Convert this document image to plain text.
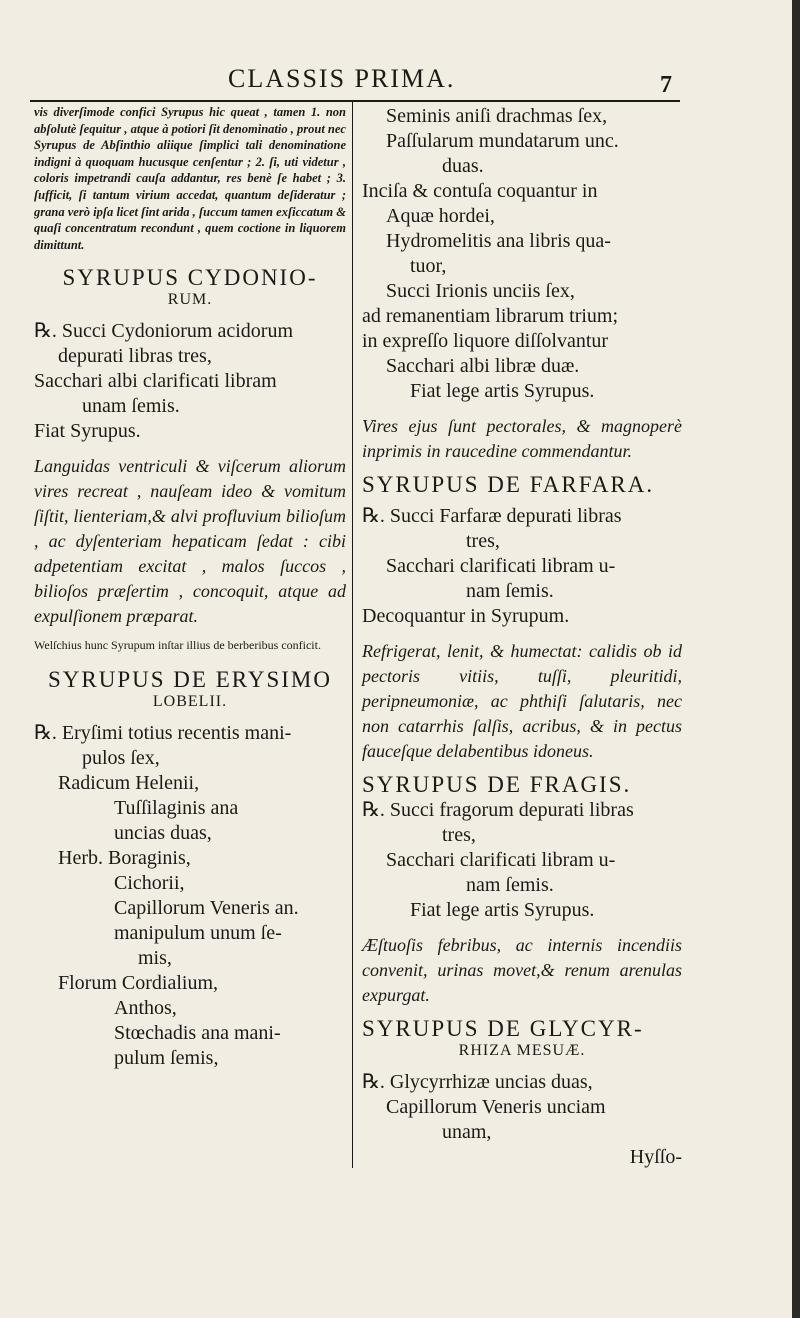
CLASSIS PRIMA.	7

vis diverſimode confici Syrupus hic queat , tamen 1. non abſolutè ſequitur , atque à potiori ſit denominatio , prout nec Syrupus de Abſinthio aliique ſimplici tali denominatione indigni à quoquam hucusque cenſentur ; 2. ſi, uti videtur , coloris impetrandi cauſa addantur, res benè ſe habet ; 3. ſufficit, ſi tantum virium accedat, quantum deſideratur ; grana verò ipſa licet ſint arida , ſuccum tamen exſiccatum & quaſi concentratum recondunt , quem coctione in liquorem dimittunt.

SYRUPUS CYDONIO-

RUM.

℞. Succi Cydoniorum acidorum

depurati libras tres,

Sacchari albi clarificati libram

unam ſemis.

Fiat Syrupus.

Languidas ventriculi & viſcerum aliorum vires recreat , nauſeam ideo & vomitum ſiſtit, lienteriam,& alvi profluvium bilioſum , ac dyſenteriam hepaticam ſedat : cibi adpetentiam excitat , malos ſuccos , bilioſos præſertim , concoquit, atque ad expulſionem præparat.

Welſchius hunc Syrupum inſtar illius de berberibus conficit.

SYRUPUS DE ERYSIMO

LOBELII.

℞. Eryſimi totius recentis mani-

pulos ſex,

Radicum Helenii,

Tuſſilaginis ana

uncias duas,

Herb. Boraginis,

Cichorii,

Capillorum Veneris an.

manipulum unum ſe-

mis,

Florum Cordialium,

Anthos,

Stœchadis ana mani-

pulum ſemis,

Seminis aniſi drachmas ſex,

Paſſularum mundatarum unc.

duas.

Inciſa & contuſa coquantur in

Aquæ hordei,

Hydromelitis ana libris qua-

tuor,

Succi Irionis unciis ſex,

ad remanentiam librarum trium;

in expreſſo liquore diſſolvantur

Sacchari albi libræ duæ.

Fiat lege artis Syrupus.

Vires ejus ſunt pectorales, & magnoperè inprimis in raucedine commendantur.

SYRUPUS DE FARFARA.

℞. Succi Farfaræ depurati libras

tres,

Sacchari clarificati libram u-

nam ſemis.

Decoquantur in Syrupum.

Refrigerat, lenit, & humectat: calidis ob id pectoris vitiis, tuſſi, pleuritidi, peripneumoniæ, ac phthiſi ſalutaris, nec non catarrhis ſalſis, acribus, & in pectus fauceſque delabentibus idoneus.

SYRUPUS DE FRAGIS.

℞. Succi fragorum depurati libras

tres,

Sacchari clarificati libram u-

nam ſemis.

Fiat lege artis Syrupus.

Æſtuoſis febribus, ac internis incendiis convenit, urinas movet,& renum arenulas expurgat.

SYRUPUS DE GLYCYR-

RHIZA MESUÆ.

℞. Glycyrrhizæ uncias duas,

Capillorum Veneris unciam

unam,

Hyſſo-
